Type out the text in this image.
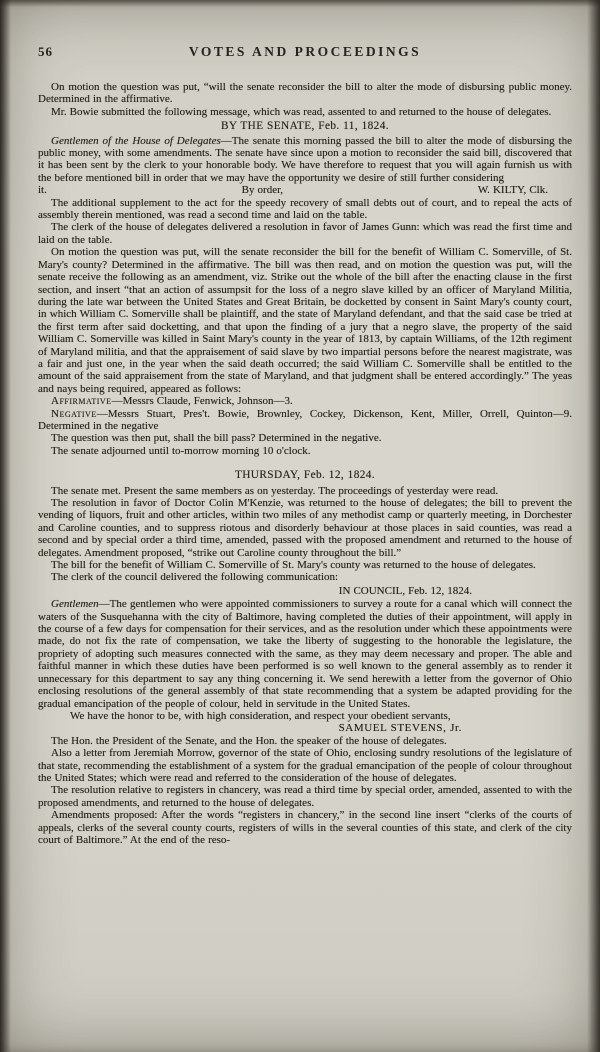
56	VOTES AND PROCEEDINGS

On motion the question was put, “will the senate reconsider the bill to alter the mode of disbursing public money. Determined in the affirmative.

Mr. Bowie submitted the following message, which was read, assented to and returned to the house of delegates.

BY THE SENATE, Feb. 11, 1824.

Gentlemen of the House of Delegates—The senate this morning passed the bill to alter the mode of disbursing the public money, with some amendments. The senate have since upon a motion to reconsider the said bill, discovered that it has been sent by the clerk to your honorable body. We have therefore to request that you will again furnish us with the before mentioned bill in order that we may have the opportunity we desire of still further considering

it.	By order,	W. KILTY, Clk.

The additional supplement to the act for the speedy recovery of small debts out of court, and to repeal the acts of assembly therein mentioned, was read a second time and laid on the table.

The clerk of the house of delegates delivered a resolution in favor of James Gunn: which was read the first time and laid on the table.

On motion the question was put, will the senate reconsider the bill for the benefit of William C. Somerville, of St. Mary's county? Determined in the affirmative. The bill was then read, and on motion the question was put, will the senate receive the following as an amendment, viz. Strike out the whole of the bill after the enacting clause in the first section, and insert “that an action of assumpsit for the loss of a negro slave killed by an officer of Maryland Militia, during the late war between the United States and Great Britain, be docketted by consent in Saint Mary's county court, in which William C. Somerville shall be plaintiff, and the state of Maryland defendant, and that the said case be tried at the first term after said docketting, and that upon the finding of a jury that a negro slave, the property of the said William C. Somerville was killed in Saint Mary's county in the year of 1813, by captain Williams, of the 12th regiment of Maryland militia, and that the appraisement of said slave by two impartial persons before the nearest magistrate, was a fair and just one, in the year when the said death occurred; the said William C. Somerville shall be entitled to the amount of the said appraisement from the state of Maryland, and that judgment shall be entered accordingly.” The yeas and nays being required, appeared as follows:

Affirmative—Messrs Claude, Fenwick, Johnson—3.

Negative—Messrs Stuart, Pres't. Bowie, Brownley, Cockey, Dickenson, Kent, Miller, Orrell, Quinton—9. Determined in the negative

The question was then put, shall the bill pass? Determined in the negative.

The senate adjourned until to-morrow morning 10 o'clock.

THURSDAY, Feb. 12, 1824.

The senate met. Present the same members as on yesterday. The proceedings of yesterday were read.

The resolution in favor of Doctor Colin M'Kenzie, was returned to the house of delegates; the bill to prevent the vending of liquors, fruit and other articles, within two miles of any methodist camp or quarterly meeting, in Dorchester and Caroline counties, and to suppress riotous and disorderly behaviour at those places in said counties, was read a second and by special order a third time, amended, passed with the proposed amendment and returned to the house of delegates. Amendment proposed, “strike out Caroline county throughout the bill.”

The bill for the benefit of William C. Somerville of St. Mary's county was returned to the house of delegates.

The clerk of the council delivered the following communication:

IN COUNCIL, Feb. 12, 1824.

Gentlemen—The gentlemen who were appointed commissioners to survey a route for a canal which will connect the waters of the Susquehanna with the city of Baltimore, having completed the duties of their appointment, will apply in the course of a few days for compensation for their services, and as the resolution under which these appointments were made, do not fix the rate of compensation, we take the liberty of suggesting to the honorable the legislature, the propriety of adopting such measures connected with the same, as they may deem necessary and proper. The able and faithful manner in which these duties have been performed is so well known to the general assembly as to render it unnecessary for this department to say any thing concerning it. We send herewith a letter from the governor of Ohio enclosing resolutions of the general assembly of that state recommending that a system be adapted providing for the gradual emancipation of the people of colour, held in servitude in the United States.

We have the honor to be, with high consideration, and respect your obedient servants,

SAMUEL STEVENS, Jr.

The Hon. the President of the Senate, and the Hon. the speaker of the house of delegates.

Also a letter from Jeremiah Morrow, governor of the state of Ohio, enclosing sundry resolutions of the legislature of that state, recommending the establishment of a system for the gradual emancipation of the people of colour throughout the United States; which were read and referred to the consideration of the house of delegates.

The resolution relative to registers in chancery, was read a third time by special order, amended, assented to with the proposed amendments, and returned to the house of delegates.

Amendments proposed: After the words “registers in chancery,” in the second line insert “clerks of the courts of appeals, clerks of the several county courts, registers of wills in the several counties of this state, and clerk of the city court of Baltimore.” At the end of the reso-
